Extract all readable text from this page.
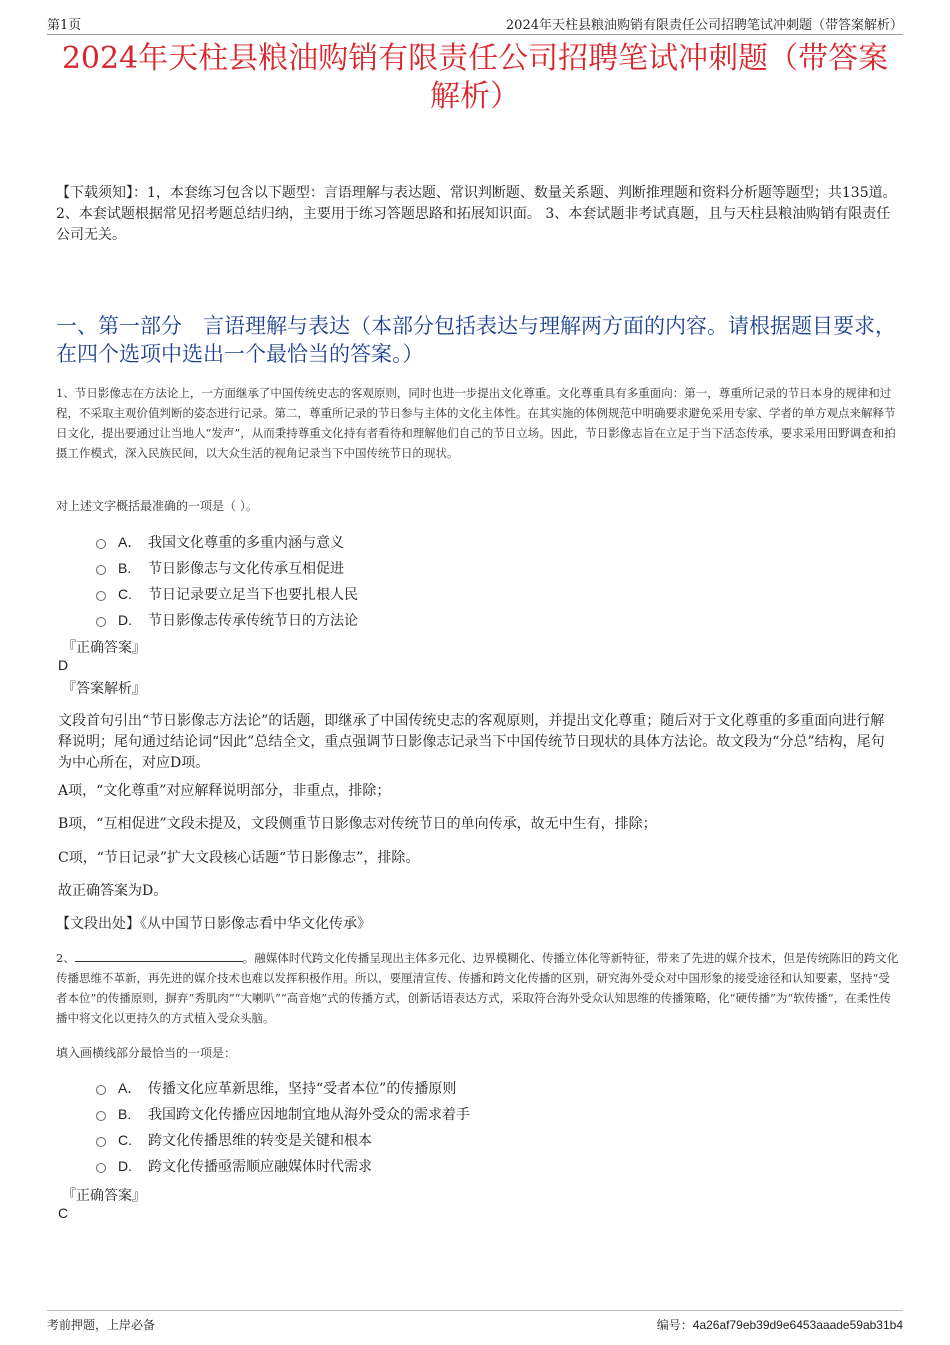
第1页	2024年天柱县粮油购销有限责任公司招聘笔试冲刺题（带答案解析）
2024年天柱县粮油购销有限责任公司招聘笔试冲刺题（带答案解析）
【下载须知】：1，本套练习包含以下题型：言语理解与表达题、常识判断题、数量关系题、判断推理题和资料分析题等题型；共135道。 2、本套试题根据常见招考题总结归纳，主要用于练习答题思路和拓展知识面。 3、本套试题非考试真题，且与天柱县粮油购销有限责任公司无关。
一、第一部分　言语理解与表达（本部分包括表达与理解两方面的内容。请根据题目要求，在四个选项中选出一个最恰当的答案。）
1、节日影像志在方法论上，一方面继承了中国传统史志的客观原则，同时也进一步提出文化尊重。文化尊重具有多重面向：第一，尊重所记录的节日本身的规律和过程，不采取主观价值判断的姿态进行记录。第二，尊重所记录的节日参与主体的文化主体性。在其实施的体例规范中明确要求避免采用专家、学者的单方观点来解释节日文化，提出要通过让当地人“发声”，从而秉持尊重文化持有者看待和理解他们自己的节日立场。因此，节日影像志旨在立足于当下活态传承，要求采用田野调查和拍摄工作模式，深入民族民间，以大众生活的视角记录当下中国传统节日的现状。
对上述文字概括最准确的一项是（ ）。
A． 我国文化尊重的多重内涵与意义
B.	节日影像志与文化传承互相促进
C.	节日记录要立足当下也要扎根人民
D.	节日影像志传承传统节日的方法论
『正确答案』
D
『答案解析』
文段首句引出“节日影像志方法论”的话题，即继承了中国传统史志的客观原则，并提出文化尊重；随后对于文化尊重的多重面向进行解释说明；尾句通过结论词“因此”总结全文，重点强调节日影像志记录当下中国传统节日现状的具体方法论。故文段为“分总”结构，尾句为中心所在，对应D项。
A项，“文化尊重”对应解释说明部分，非重点，排除；
B项，“互相促进”文段未提及，文段侧重节日影像志对传统节日的单向传承，故无中生有，排除；
C项，“节日记录”扩大文段核心话题“节日影像志”，排除。
故正确答案为D。
【文段出处】《从中国节日影像志看中华文化传承》
2、	。融媒体时代跨文化传播呈现出主体多元化、边界模糊化、传播立体化等新特征，带来了先进的媒介技术，但是传统陈旧的跨文化传播思维不革新，再先进的媒介技术也难以发挥积极作用。所以，要厘清宣传、传播和跨文化传播的区别，研究海外受众对中国形象的接受途径和认知要素，坚持“受者本位”的传播原则，摒弃“秀肌肉”“大喇叭”“高音炮”式的传播方式，创新话语表达方式，采取符合海外受众认知思维的传播策略，化“硬传播”为“软传播”，在柔性传播中将文化以更持久的方式植入受众头脑。
填入画横线部分最恰当的一项是：
A． 传播文化应革新思维，坚持“受者本位”的传播原则
B.	我国跨文化传播应因地制宜地从海外受众的需求着手
C.	跨文化传播思维的转变是关键和根本
D.	跨文化传播亟需顺应融媒体时代需求
『正确答案』
C
考前押题，上岸必备	编号：4a26af79eb39d9e6453aaade59ab31b4
